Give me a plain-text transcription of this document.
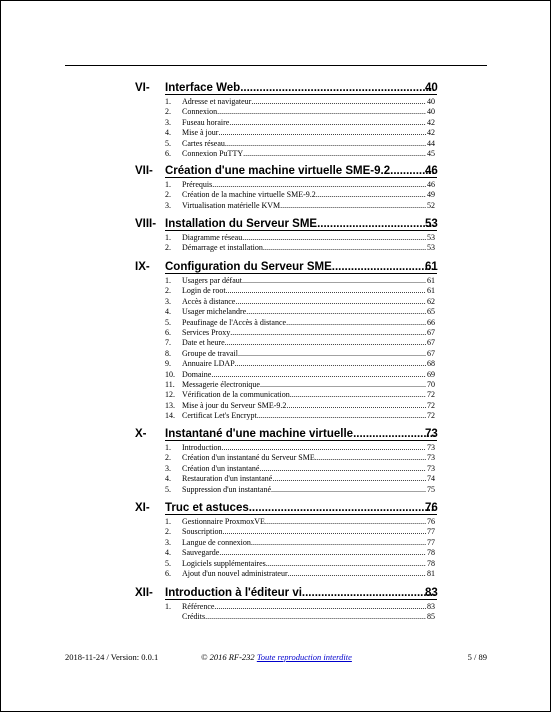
VI- Interface Web .....	40
1. Adresse et navigateur .....	40
2. Connexion .....	40
3. Fuseau horaire .....	42
4. Mise à jour .....	42
5. Cartes réseau .....	44
6. Connexion PuTTY .....	45
VII- Création d'une machine virtuelle SME-9.2 .....	46
1. Prérequis .....	46
2. Création de la machine virtuelle SME-9.2 .....	49
3. Virtualisation matérielle KVM .....	52
VIII- Installation du Serveur SME .....	53
1. Diagramme réseau .....	53
2. Démarrage et installation .....	53
IX- Configuration du Serveur SME .....	61
1. Usagers par défaut .....	61
2. Login de root .....	61
3. Accès à distance .....	62
4. Usager michelandre .....	65
5. Peaufinage de l'Accès à distance .....	66
6. Services Proxy .....	67
7. Date et heure .....	67
8. Groupe de travail .....	67
9. Annuaire LDAP .....	68
10. Domaine .....	69
11. Messagerie électronique .....	70
12. Vérification de la communication .....	72
13. Mise à jour du Serveur SME-9.2 .....	72
14. Certificat Let's Encrypt .....	72
X- Instantané d'une machine virtuelle .....	73
1. Introduction .....	73
2. Création d'un instantané du Serveur SME .....	73
3. Création d'un instantané .....	73
4. Restauration d'un instantané .....	74
5. Suppression d'un instantané .....	75
XI- Truc et astuces .....	76
1. Gestionnaire ProxmoxVE .....	76
2. Souscription .....	77
3. Langue de connexion .....	77
4. Sauvegarde .....	78
5. Logiciels supplémentaires .....	78
6. Ajout d'un nouvel administrateur .....	81
XII- Introduction à l'éditeur vi .....	83
1. Référence .....	83
Crédits .....	85
2018-11-24 / Version: 0.0.1	© 2016 RF-232 Toute reproduction interdite	5 / 89
